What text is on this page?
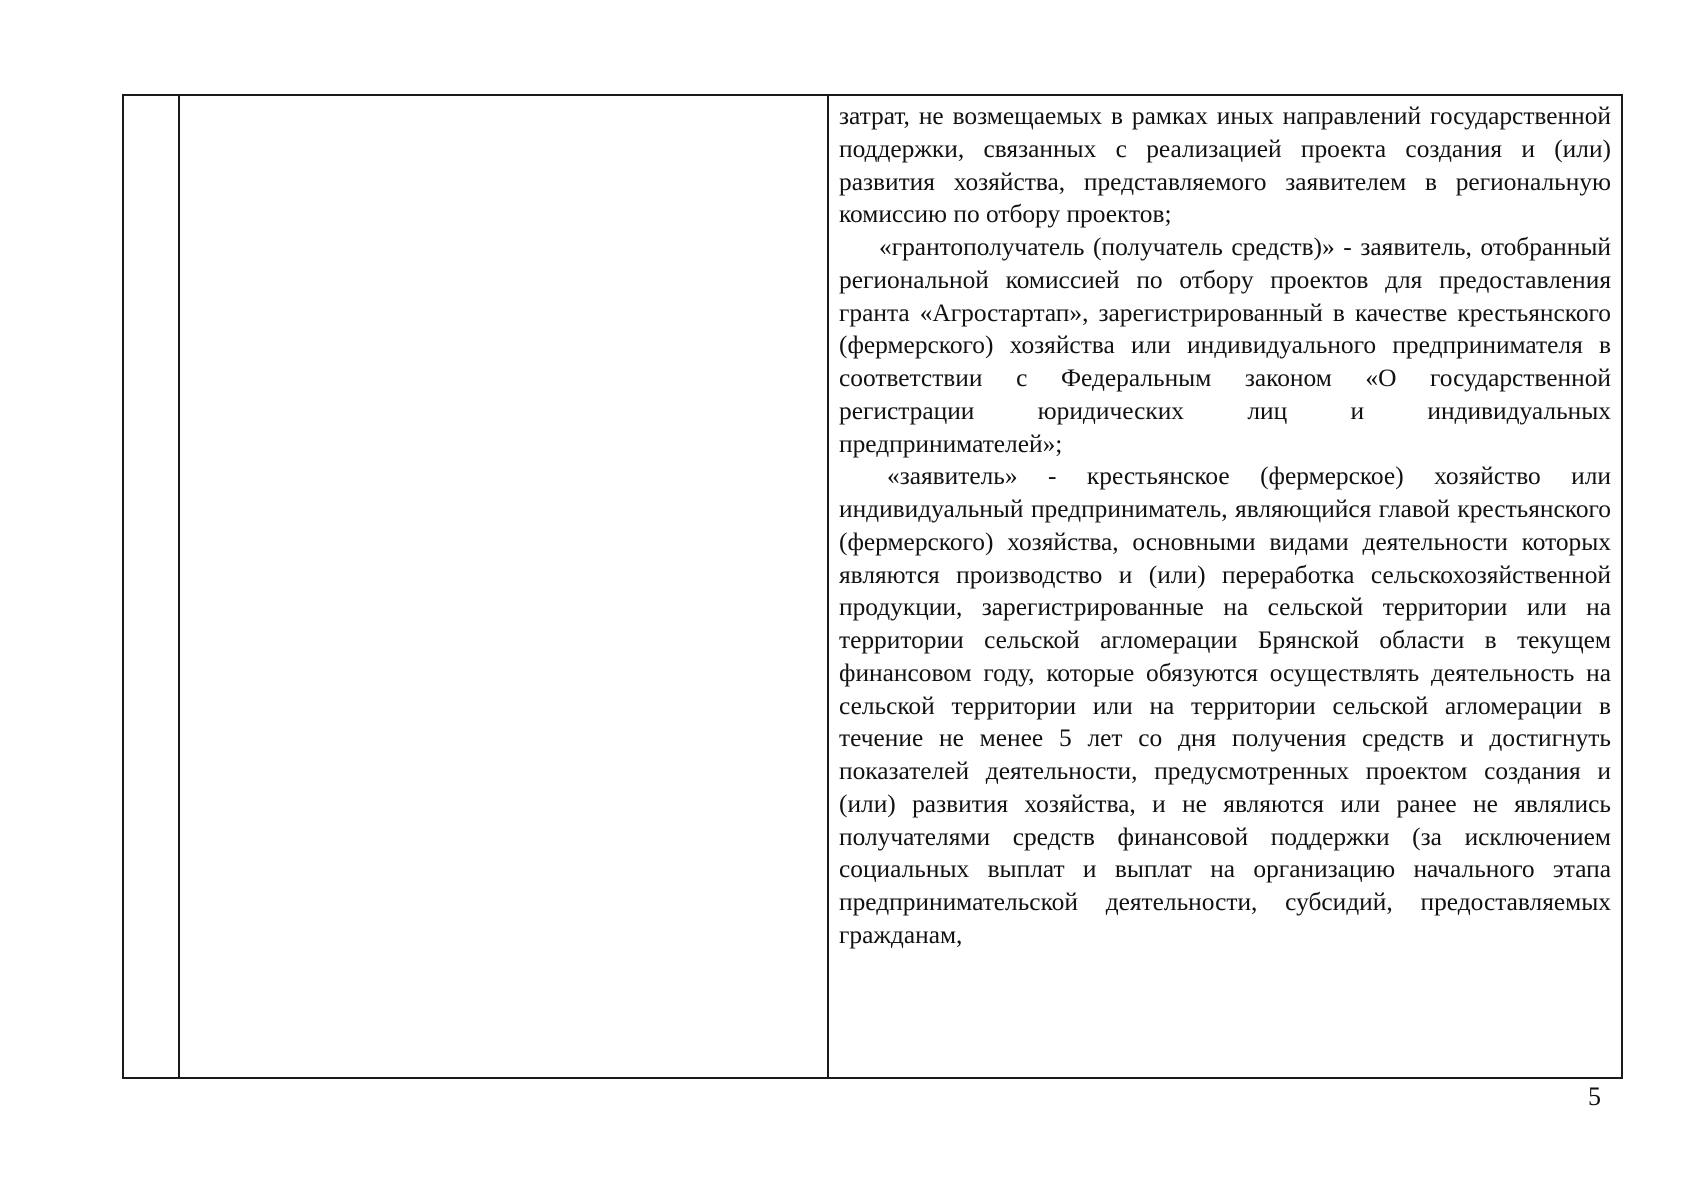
затрат, не возмещаемых в рамках иных направлений государственной поддержки, связанных с реализацией проекта создания и (или) развития хозяйства, представляемого заявителем в региональную комиссию по отбору проектов;

«грантополучатель (получатель средств)» - заявитель, отобранный региональной комиссией по отбору проектов для предоставления гранта «Агростартап», зарегистрированный в качестве крестьянского (фермерского) хозяйства или индивидуального предпринимателя в соответствии с Федеральным законом «О государственной регистрации юридических лиц и индивидуальных предпринимателей»;

«заявитель» - крестьянское (фермерское) хозяйство или индивидуальный предприниматель, являющийся главой крестьянского (фермерского) хозяйства, основными видами деятельности которых являются производство и (или) переработка сельскохозяйственной продукции, зарегистрированные на сельской территории или на территории сельской агломерации Брянской области в текущем финансовом году, которые обязуются осуществлять деятельность на сельской территории или на территории сельской агломерации в течение не менее 5 лет со дня получения средств и достигнуть показателей деятельности, предусмотренных проектом создания и (или) развития хозяйства, и не являются или ранее не являлись получателями средств финансовой поддержки (за исключением социальных выплат и выплат на организацию начального этапа предпринимательской деятельности, субсидий, предоставляемых гражданам,

5
